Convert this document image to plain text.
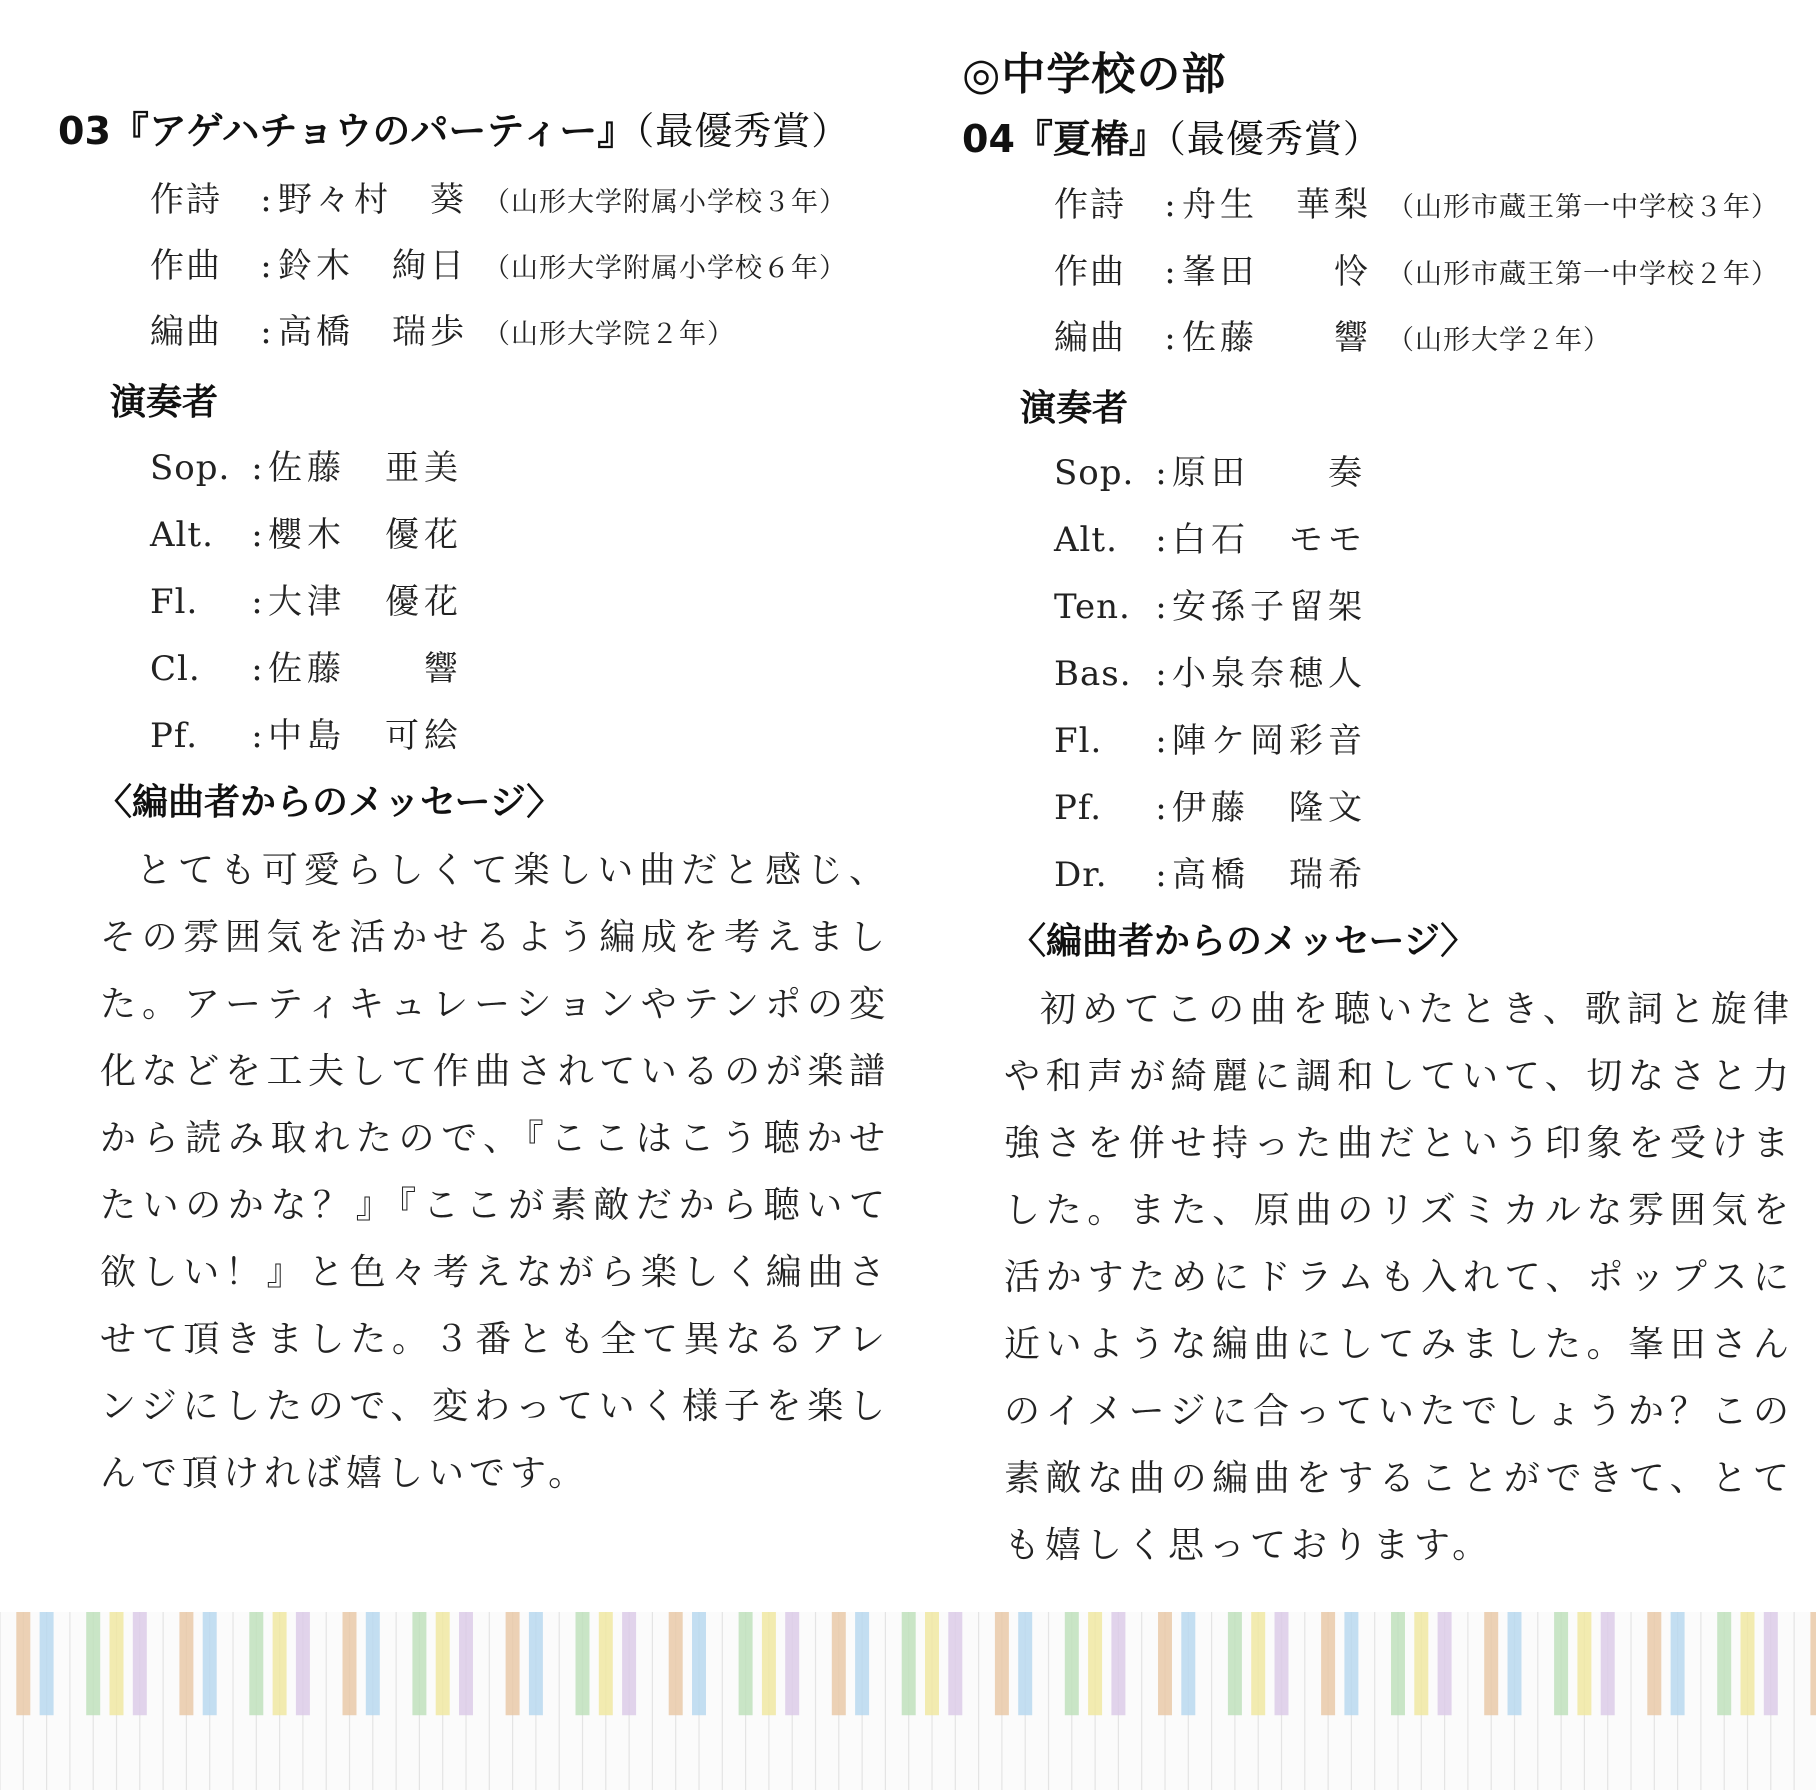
03『アゲハチョウのパーティー』（最優秀賞）
作詩 : 野々村　葵 （山形大学附属小学校３年）
作曲 : 鈴木　絢日 （山形大学附属小学校６年）
編曲 : 高橋　瑞歩 （山形大学院２年）
演奏者
Sop. : 佐藤　亜美
Alt. : 櫻木　優花
Fl. : 大津　優花
Cl. : 佐藤　　響
Pf. : 中島　可絵
〈編曲者からのメッセージ〉

とても可愛らしくて楽しい曲だと感じ、その雰囲気を活かせるよう編成を考えました。アーティキュレーションやテンポの変化などを工夫して作曲されているのが楽譜から読み取れたので、『ここはこう聴かせたいのかな？』『ここが素敵だから聴いて欲しい！』と色々考えながら楽しく編曲させて頂きました。３番とも全て異なるアレンジにしたので、変わっていく様子を楽しんで頂ければ嬉しいです。

◎中学校の部
04『夏椿』（最優秀賞）
作詩 : 舟生　華梨 （山形市蔵王第一中学校３年）
作曲 : 峯田　　怜 （山形市蔵王第一中学校２年）
編曲 : 佐藤　　響 （山形大学２年）
演奏者
Sop. : 原田　　奏
Alt. : 白石　モモ
Ten. : 安孫子留架
Bas. : 小泉奈穂人
Fl. : 陣ケ岡彩音
Pf. : 伊藤　隆文
Dr. : 高橋　瑞希
〈編曲者からのメッセージ〉

初めてこの曲を聴いたとき、歌詞と旋律や和声が綺麗に調和していて、切なさと力強さを併せ持った曲だという印象を受けました。また、原曲のリズミカルな雰囲気を活かすためにドラムも入れて、ポップスに近いような編曲にしてみました。峯田さんのイメージに合っていたでしょうか？この素敵な曲の編曲をすることができて、とても嬉しく思っております。
